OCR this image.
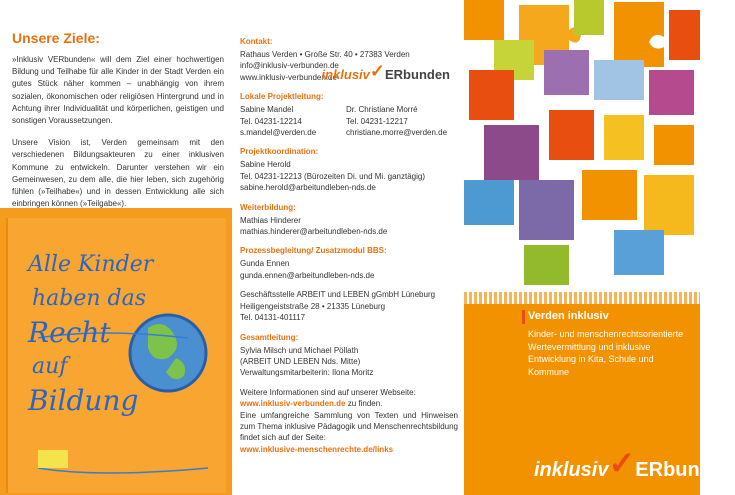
Unsere Ziele:

»Inklusiv VERbunden« will dem Ziel einer hochwertigen Bildung und Teilhabe für alle Kinder in der Stadt Verden ein gutes Stück näher kommen – unabhängig von ihrem sozialen, ökonomischen oder religiösen Hintergrund und in Achtung ihrer Individualität und körperlichen, geistigen und sonstigen Voraussetzungen.

Unsere Vision ist, Verden gemeinsam mit den verschiedenen Bildungsakteuren zu einer inklusiven Kommune zu entwickeln. Darunter verstehen wir ein Gemeinwesen, zu dem alle, die hier leben, sich zugehörig fühlen (»Teilhabe«) und in dessen Entwicklung alle sich einbringen können (»Teilgabe«).

Alle Kinder
haben das
Recht
auf
Bildung
Kontakt:
Rathaus Verden • Große Str. 40 • 27383 Verden
info@inklusiv-verbunden.de
www.inklusiv-verbunden.de
inklusiv ✓ ERbunden
Lokale Projektleitung:
Sabine Mandel
Tel. 04231-12214
s.mandel@verden.de
Dr. Christiane Morré
Tel. 04231-12217
christiane.morre@verden.de
Projektkoordination:
Sabine Herold
Tel. 04231-12213 (Bürozeiten Di. und Mi. ganztägig)
sabine.herold@arbeitundleben-nds.de
Weiterbildung:
Mathias Hinderer
mathias.hinderer@arbeitundleben-nds.de
Prozessbegleitung/ Zusatzmodul BBS:
Gunda Ennen
gunda.ennen@arbeitundleben-nds.de
Geschäftsstelle ARBEIT und LEBEN gGmbH Lüneburg
Heiligengeiststraße 28 • 21335 Lüneburg
Tel. 04131-401117
Gesamtleitung:
Sylvia Milsch und Michael Pöllath
(ARBEIT UND LEBEN Nds. Mitte)
Verwaltungsmitarbeiterin: Ilona Moritz
Weitere Informationen sind auf unserer Webseite:
www.inklusiv-verbunden.de zu finden.
Eine umfangreiche Sammlung von Texten und Hinweisen zum Thema inklusive Pädagogik und Menschenrechtsbildung findet sich auf der Seite:
www.inklusive-menschenrechte.de/links
Verden inklusiv
Kinder- und menschenrechtsorientierte Wertevermittlung und inklusive Entwicklung in Kita, Schule und Kommune
inklusiv ✓ ERbunden
